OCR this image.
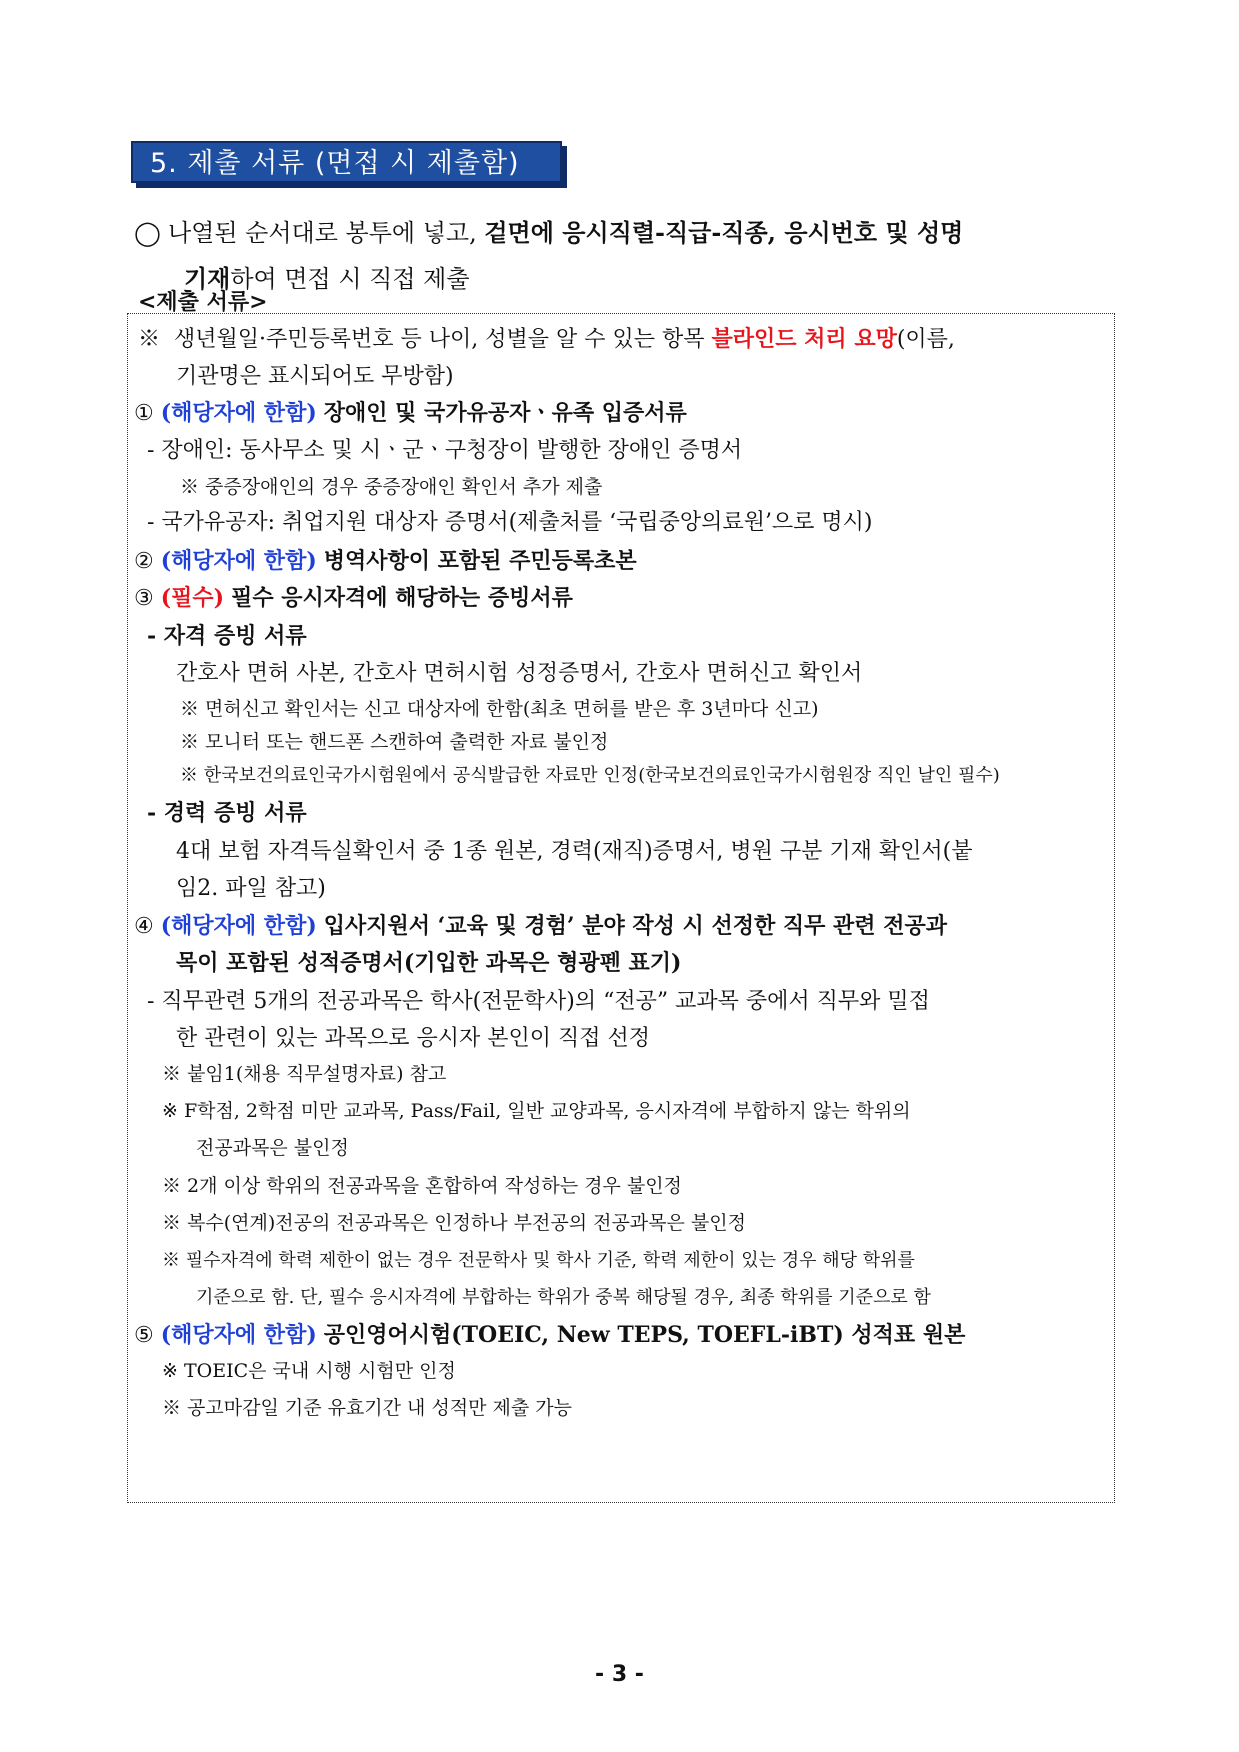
5. 제출 서류 (면접 시 제출함)
◯ 나열된 순서대로 봉투에 넣고, 겉면에 응시직렬-직급-직종, 응시번호 및 성명
기재하여 면접 시 직접 제출
<제출 서류>
※ 생년월일·주민등록번호 등 나이, 성별을 알 수 있는 항목 블라인드 처리 요망(이름,
기관명은 표시되어도 무방함)
① (해당자에 한함) 장애인 및 국가유공자ㆍ유족 입증서류
- 장애인: 동사무소 및 시ㆍ군ㆍ구청장이 발행한 장애인 증명서
※ 중증장애인의 경우 중증장애인 확인서 추가 제출
- 국가유공자: 취업지원 대상자 증명서(제출처를 ‘국립중앙의료원’으로 명시)
② (해당자에 한함) 병역사항이 포함된 주민등록초본
③ (필수) 필수 응시자격에 해당하는 증빙서류
- 자격 증빙 서류
간호사 면허 사본, 간호사 면허시험 성정증명서, 간호사 면허신고 확인서
※ 면허신고 확인서는 신고 대상자에 한함(최초 면허를 받은 후 3년마다 신고)
※ 모니터 또는 핸드폰 스캔하여 출력한 자료 불인정
※ 한국보건의료인국가시험원에서 공식발급한 자료만 인정(한국보건의료인국가시험원장 직인 날인 필수)
- 경력 증빙 서류
4대 보험 자격득실확인서 중 1종 원본, 경력(재직)증명서, 병원 구분 기재 확인서(붙
임2. 파일 참고)
④ (해당자에 한함) 입사지원서 ‘교육 및 경험’ 분야 작성 시 선정한 직무 관련 전공과
목이 포함된 성적증명서(기입한 과목은 형광펜 표기)
- 직무관련 5개의 전공과목은 학사(전문학사)의 “전공” 교과목 중에서 직무와 밀접
한 관련이 있는 과목으로 응시자 본인이 직접 선정
※ 붙임1(채용 직무설명자료) 참고
※ F학점, 2학점 미만 교과목, Pass/Fail, 일반 교양과목, 응시자격에 부합하지 않는 학위의
전공과목은 불인정
※ 2개 이상 학위의 전공과목을 혼합하여 작성하는 경우 불인정
※ 복수(연계)전공의 전공과목은 인정하나 부전공의 전공과목은 불인정
※ 필수자격에 학력 제한이 없는 경우 전문학사 및 학사 기준, 학력 제한이 있는 경우 해당 학위를
기준으로 함. 단, 필수 응시자격에 부합하는 학위가 중복 해당될 경우, 최종 학위를 기준으로 함
⑤ (해당자에 한함) 공인영어시험(TOEIC, New TEPS, TOEFL-iBT) 성적표 원본
※ TOEIC은 국내 시행 시험만 인정
※ 공고마감일 기준 유효기간 내 성적만 제출 가능
- 3 -
